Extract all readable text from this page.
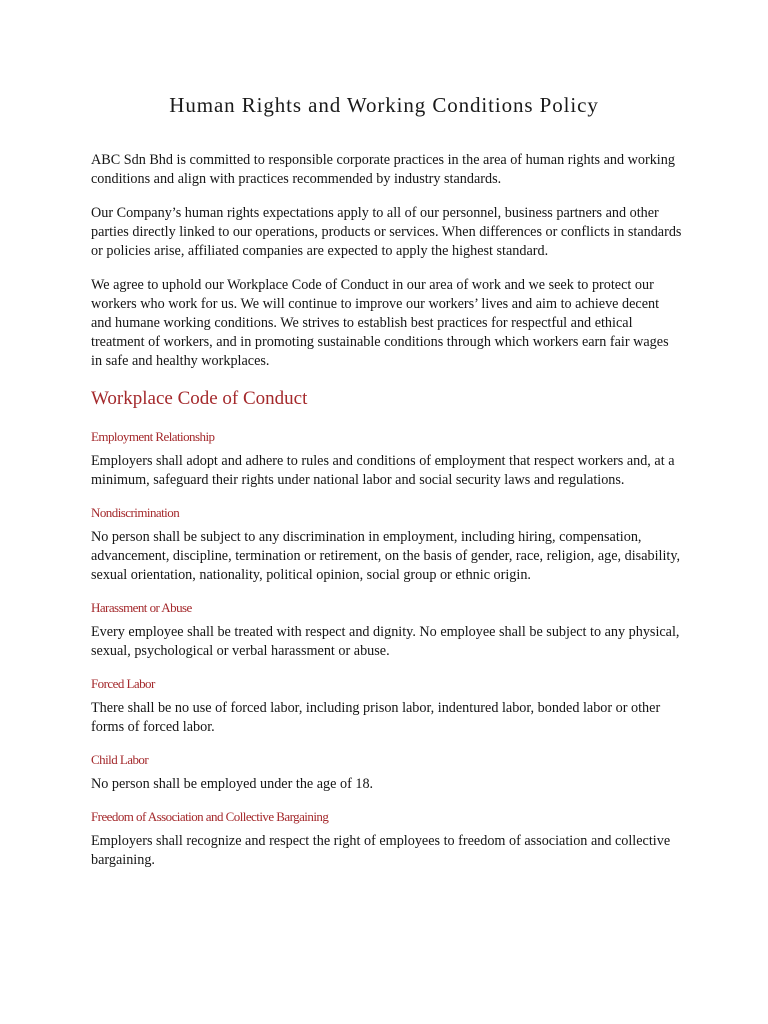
Human Rights and Working Conditions Policy

ABC Sdn Bhd is committed to responsible corporate practices in the area of human rights and working conditions and align with practices recommended by industry standards.

Our Company’s human rights expectations apply to all of our personnel, business partners and other parties directly linked to our operations, products or services. When differences or conflicts in standards or policies arise, affiliated companies are expected to apply the highest standard.

We agree to uphold our Workplace Code of Conduct in our area of work and we seek to protect our workers who work for us. We will continue to improve our workers’ lives and aim to achieve decent and humane working conditions. We strives to establish best practices for respectful and ethical treatment of workers, and in promoting sustainable conditions through which workers earn fair wages in safe and healthy workplaces.

Workplace Code of Conduct
Employment Relationship

Employers shall adopt and adhere to rules and conditions of employment that respect workers and, at a minimum, safeguard their rights under national labor and social security laws and regulations.

Nondiscrimination

No person shall be subject to any discrimination in employment, including hiring, compensation, advancement, discipline, termination or retirement, on the basis of gender, race, religion, age, disability, sexual orientation, nationality, political opinion, social group or ethnic origin.

Harassment or Abuse

Every employee shall be treated with respect and dignity. No employee shall be subject to any physical, sexual, psychological or verbal harassment or abuse.

Forced Labor

There shall be no use of forced labor, including prison labor, indentured labor, bonded labor or other forms of forced labor.

Child Labor

No person shall be employed under the age of 18.

Freedom of Association and Collective Bargaining

Employers shall recognize and respect the right of employees to freedom of association and collective bargaining.
